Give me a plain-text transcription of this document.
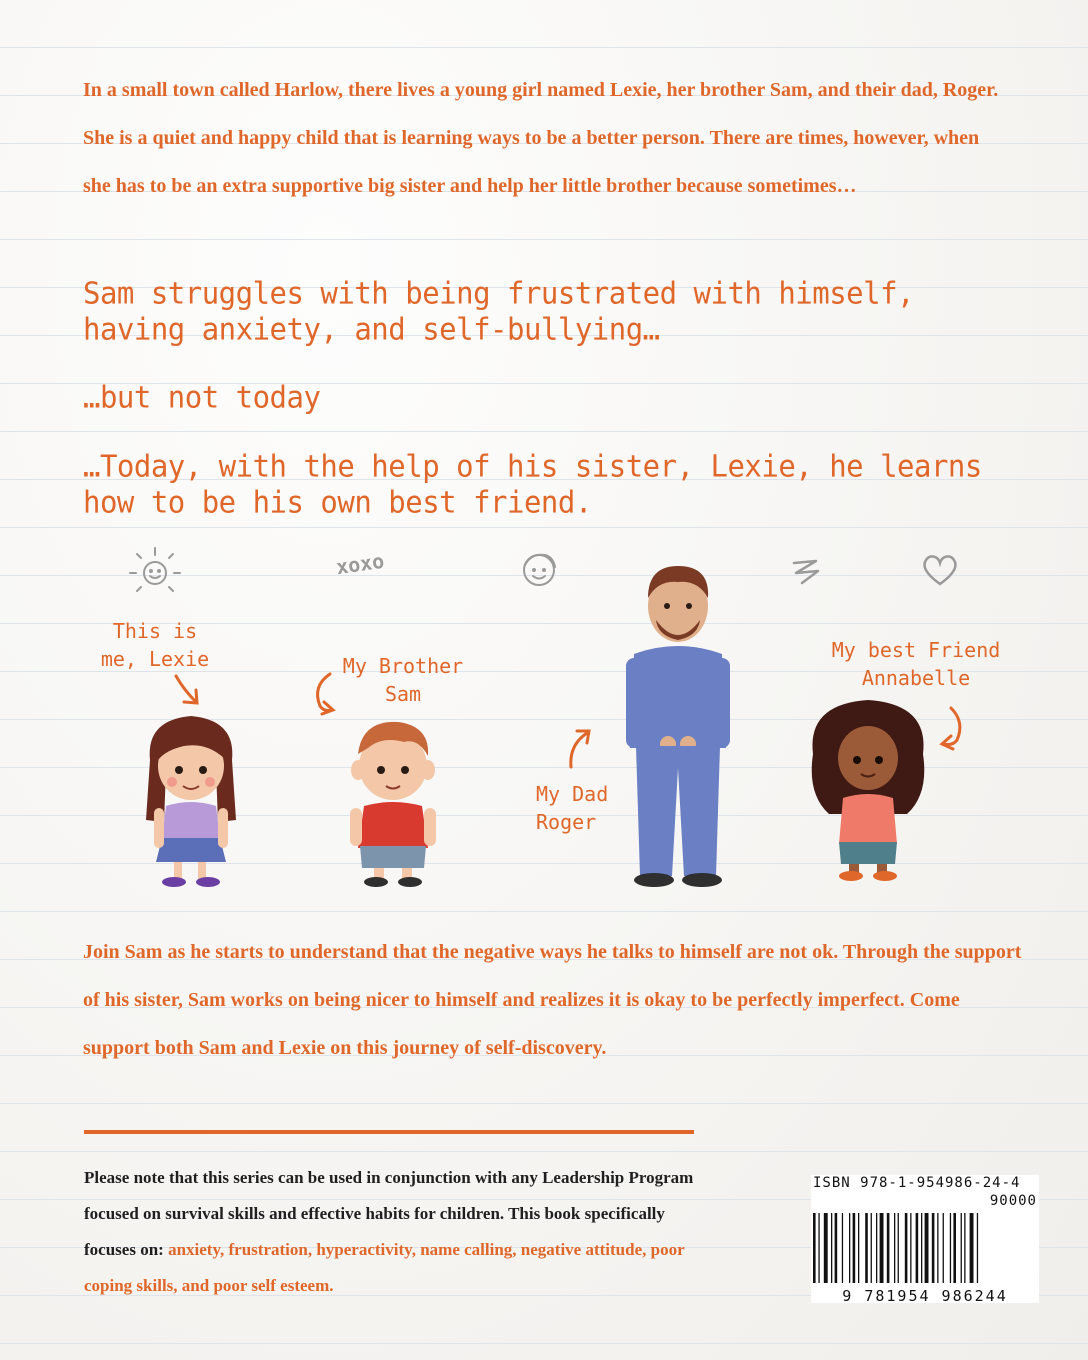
In a small town called Harlow, there lives a young girl named Lexie, her brother Sam, and their dad, Roger. She is a quiet and happy child that is learning ways to be a better person. There are times, however, when she has to be an extra supportive big sister and help her little brother because sometimes…
Sam struggles with being frustrated with himself, having anxiety, and self-bullying…
…but not today
…Today, with the help of his sister, Lexie, he learns how to be his own best friend.
xoxo
This is me, Lexie	My Brother Sam
My Dad Roger
My best Friend Annabelle
Join Sam as he starts to understand that the negative ways he talks to himself are not ok. Through the support of his sister, Sam works on being nicer to himself and realizes it is okay to be perfectly imperfect. Come support both Sam and Lexie on this journey of self-discovery.
Please note that this series can be used in conjunction with any Leadership Program focused on survival skills and effective habits for children. This book specifically focuses on: anxiety, frustration, hyperactivity, name calling, negative attitude, poor coping skills, and poor self esteem.
ISBN 978-1-954986-24-4
90000
9 781954 986244
